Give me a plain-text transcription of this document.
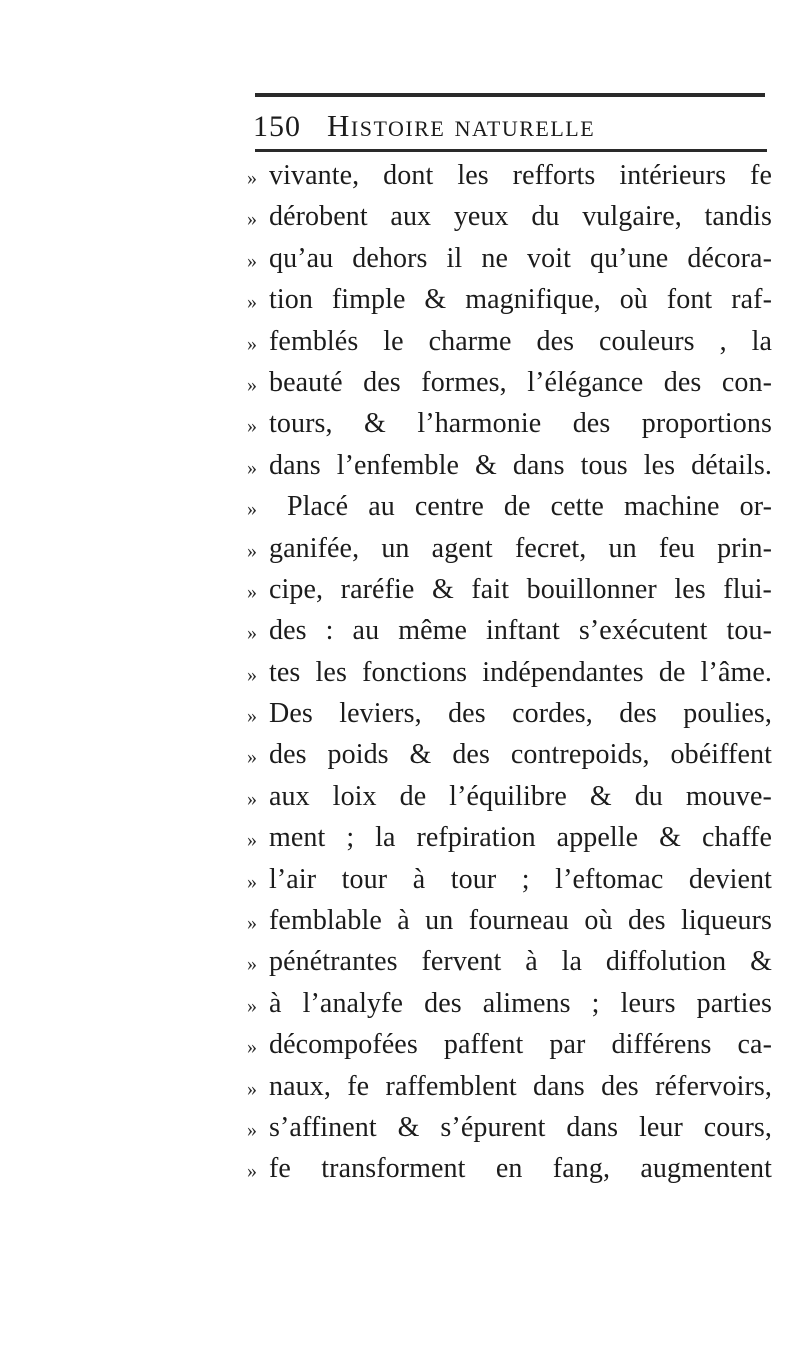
150 Histoire naturelle
» vivante, dont les refforts intérieurs fe
» dérobent aux yeux du vulgaire, tandis
» qu’au dehors il ne voit qu’une décora-
» tion fimple & magnifique, où font raf-
» femblés le charme des couleurs , la
» beauté des formes, l’élégance des con-
» tours, & l’harmonie des proportions
» dans l’enfemble & dans tous les détails.
»	Placé au centre de cette machine or-
» ganifée, un agent fecret, un feu prin-
» cipe, raréfie & fait bouillonner les flui-
» des : au même inftant s’exécutent tou-
» tes les fonctions indépendantes de l’âme.
» Des leviers, des cordes, des poulies,
» des poids & des contrepoids, obéiffent
» aux loix de l’équilibre & du mouve-
» ment ; la refpiration appelle & chaffe
» l’air tour à tour ; l’eftomac devient
» femblable à un fourneau où des liqueurs
» pénétrantes fervent à la diffolution &
» à l’analyfe des alimens ; leurs parties
» décompofées paffent par différens ca-
» naux, fe raffemblent dans des réfervoirs,
» s’affinent & s’épurent dans leur cours,
» fe transforment en fang, augmentent
